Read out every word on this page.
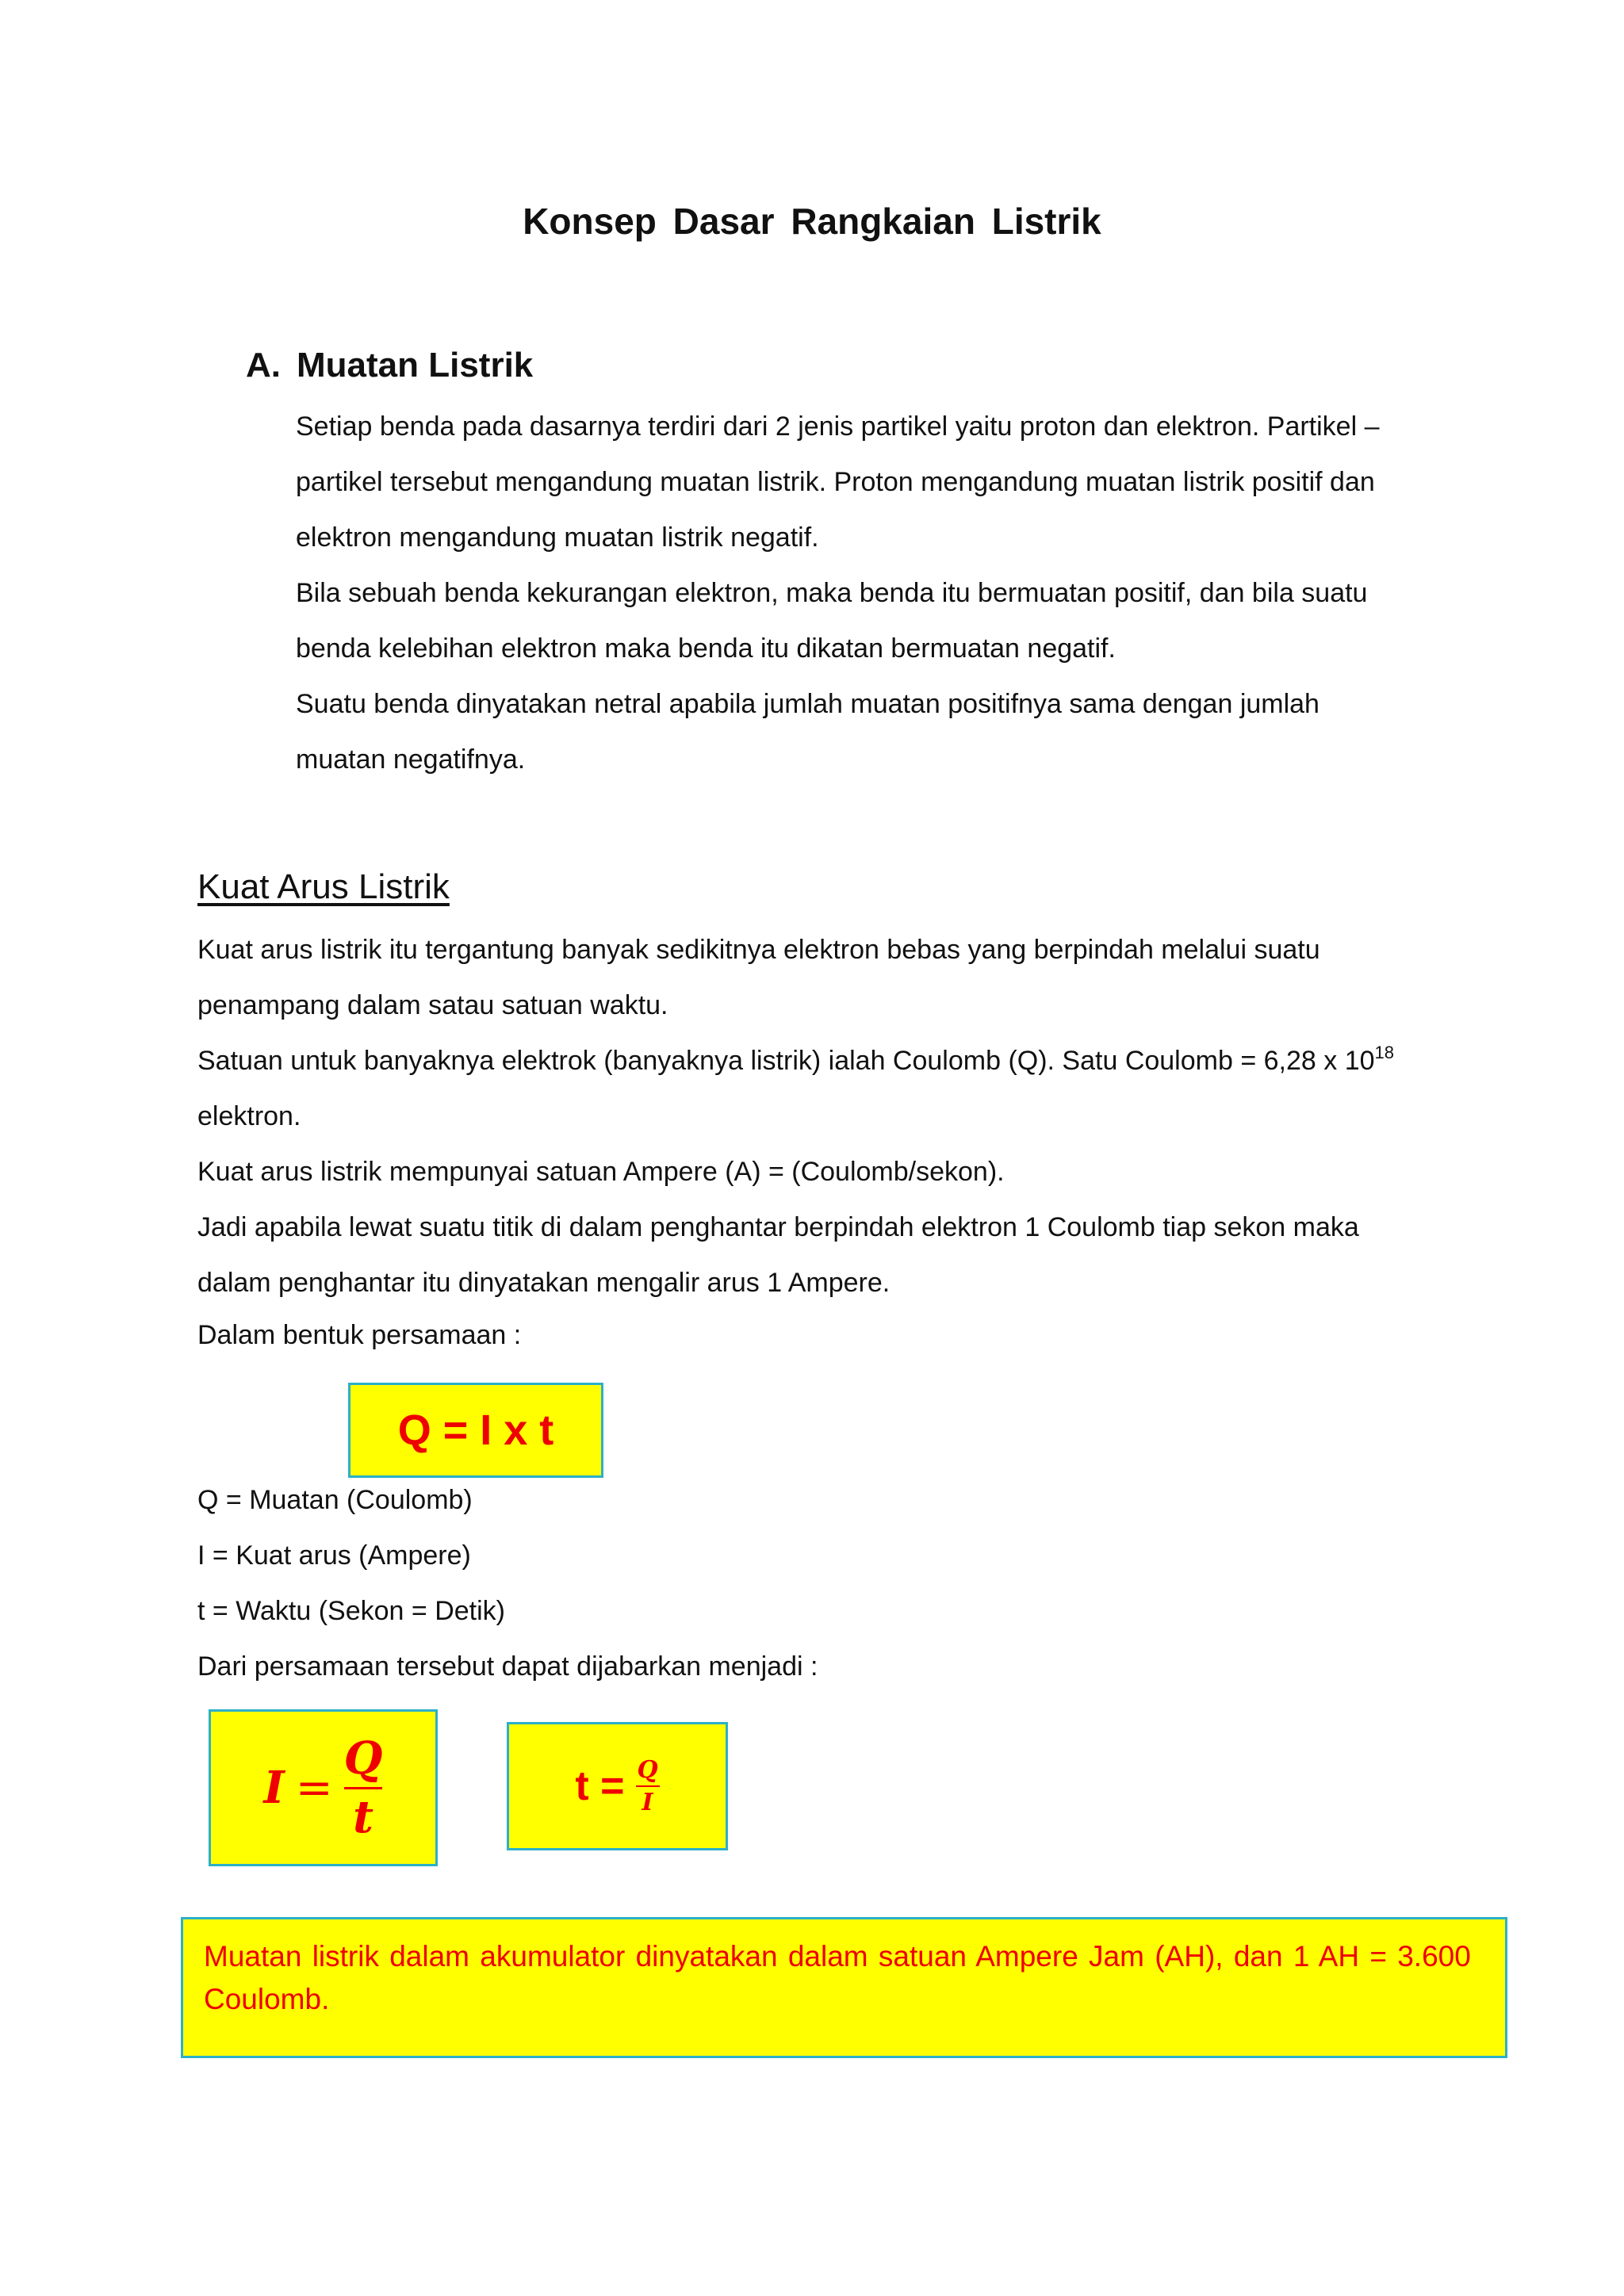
Konsep Dasar Rangkaian Listrik
A. Muatan Listrik
Setiap benda pada dasarnya terdiri dari 2 jenis partikel yaitu proton dan elektron. Partikel –
partikel tersebut mengandung muatan listrik. Proton mengandung muatan listrik positif dan
elektron mengandung muatan listrik negatif.
Bila sebuah benda kekurangan elektron, maka benda itu bermuatan positif, dan bila suatu
benda kelebihan elektron maka benda itu dikatan bermuatan negatif.
Suatu benda dinyatakan netral apabila jumlah muatan positifnya sama dengan jumlah
muatan negatifnya.
Kuat Arus Listrik
Kuat arus listrik itu tergantung banyak sedikitnya elektron bebas yang berpindah melalui suatu
penampang dalam satau satuan waktu.
Satuan untuk banyaknya elektrok (banyaknya listrik) ialah Coulomb (Q). Satu Coulomb = 6,28 x $10^{18}$
elektron.
Kuat arus listrik mempunyai satuan Ampere (A) = (Coulomb/sekon).
Jadi apabila lewat suatu titik di dalam penghantar berpindah elektron 1 Coulomb tiap sekon maka
dalam penghantar itu dinyatakan mengalir arus 1 Ampere.
Dalam bentuk persamaan :
Q = I x t
Q = Muatan (Coulomb)
I = Kuat arus (Ampere)
t = Waktu (Sekon = Detik)
Dari persamaan tersebut dapat dijabarkan menjadi :
$I = \frac{Q}{t}$	$t = \frac{Q}{I}$
Muatan listrik dalam akumulator dinyatakan dalam satuan Ampere Jam (AH), dan 1 AH = 3.600 Coulomb.
